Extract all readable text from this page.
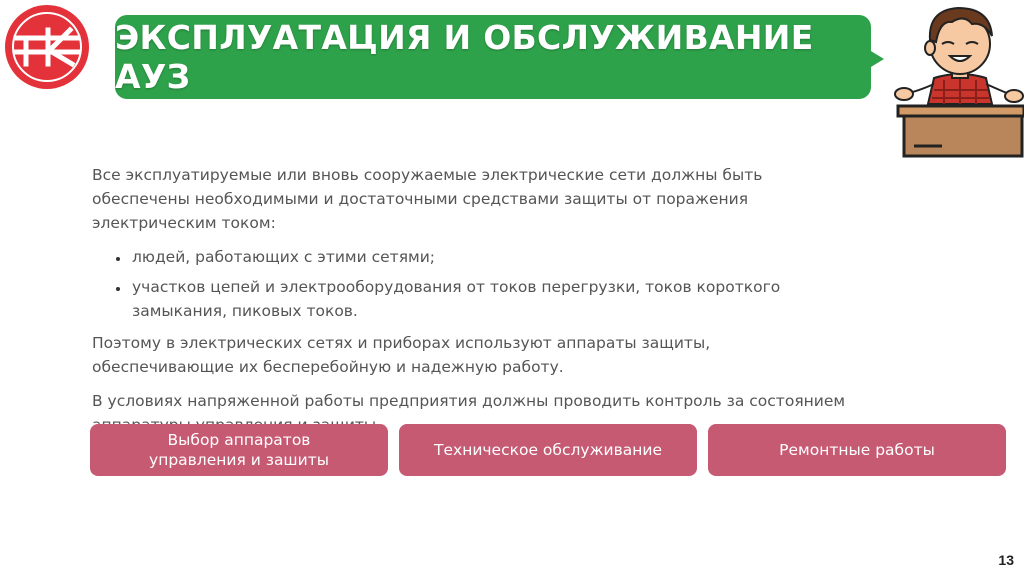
ЭКСПЛУАТАЦИЯ И ОБСЛУЖИВАНИЕ АУЗ

Все эксплуатируемые или вновь сооружаемые электрические сети должны быть обеспечены необходимыми и достаточными средствами защиты от поражения электрическим током:

• людей, работающих с этими сетями;
• участков цепей и электрооборудования от токов перегрузки, токов короткого замыкания, пиковых токов.

Поэтому в электрических сетях и приборах используют аппараты защиты, обеспечивающие их бесперебойную и надежную работу.

В условиях напряженной работы предприятия должны проводить контроль за состоянием

Выбор аппаратов
управления и зашиты
Техническое обслуживание	Ремонтные работы
13
